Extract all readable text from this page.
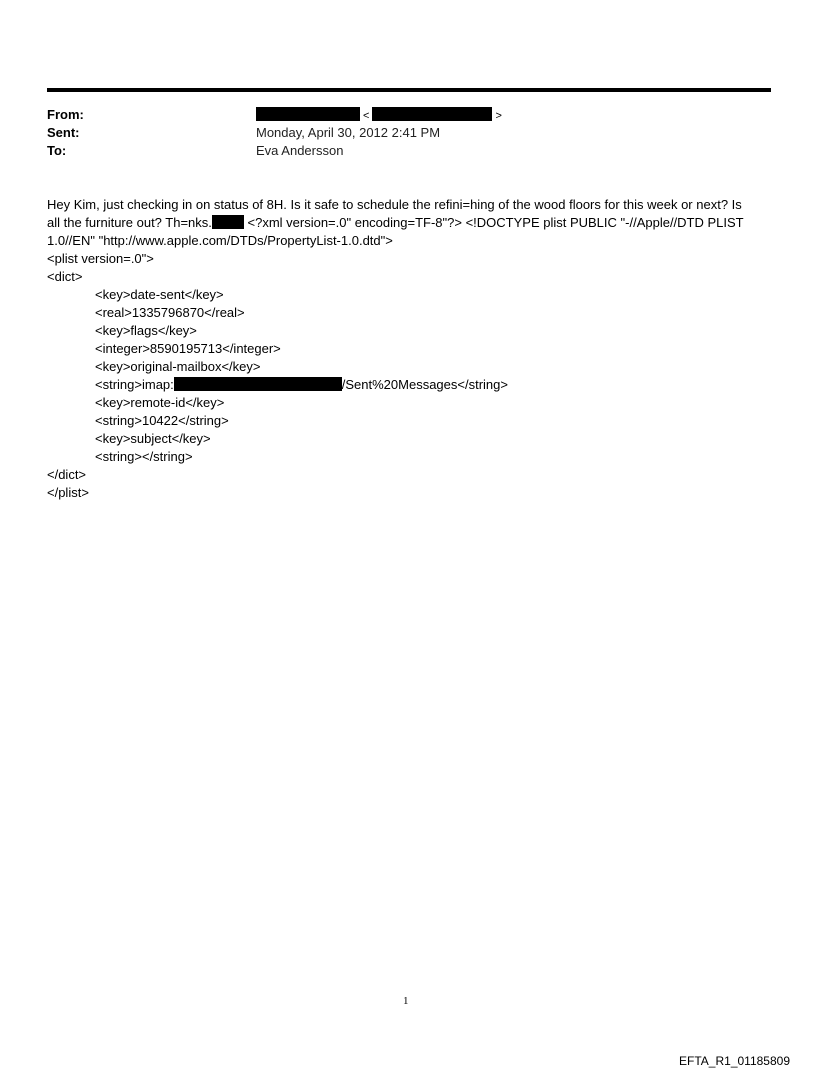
From:	<	>
Sent:	Monday, April 30, 2012 2:41 PM
To:	Eva Andersson
Hey Kim, just checking in on status of 8H. Is it safe to schedule the refini=hing of the wood floors for this week or next? Is
all the furniture out? Th=nks. <?xml version=.0" encoding=TF-8"?> <!DOCTYPE plist PUBLIC "-//Apple//DTD PLIST
1.0//EN" "http://www.apple.com/DTDs/PropertyList-1.0.dtd">
<plist version=.0">
<dict>
<key>date-sent</key>
<real>1335796870</real>
<key>flags</key>
<integer>8590195713</integer>
<key>original-mailbox</key>
<string>imap:	/Sent%20Messages</string>
<key>remote-id</key>
<string>10422</string>
<key>subject</key>
<string></string>
</dict>
</plist>
1
EFTA_R1_01185809
